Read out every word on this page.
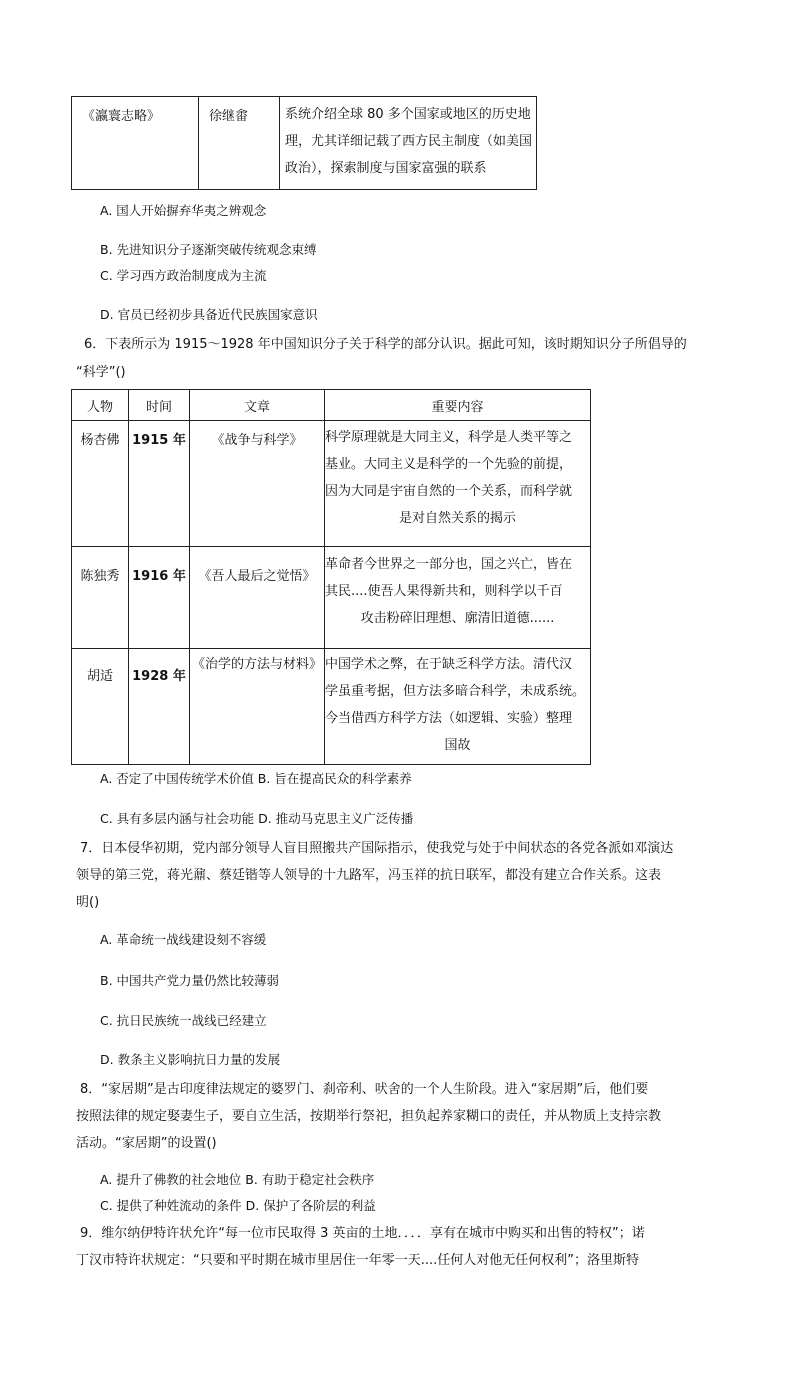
《瀛寰志略》	徐继畬	系统介绍全球 80 多个国家或地区的历史地
理，尤其详细记载了西方民主制度（如美国
政治），探索制度与国家富强的联系
A. 国人开始摒弃华夷之辨观念
B. 先进知识分子逐渐突破传统观念束缚
C. 学习西方政治制度成为主流
D. 官员已经初步具备近代民族国家意识
6．下表所示为 1915～1928 年中国知识分子关于科学的部分认识。据此可知，该时期知识分子所倡导的
“科学”()
人物	时间	文章	重要内容
杨杏佛	1915 年	《战争与科学》	科学原理就是大同主义，科学是人类平等之
基业。大同主义是科学的一个先验的前提，
因为大同是宇宙自然的一个关系，而科学就
是对自然关系的揭示

陈独秀	1916 年	《吾人最后之觉悟》	革命者今世界之一部分也，国之兴亡，皆在
其民....使吾人果得新共和，则科学以千百
攻击粉碎旧理想、廓清旧道德......

胡适	1928 年	《治学的方法与材料》	中国学术之弊，在于缺乏科学方法。清代汉
学虽重考据，但方法多暗合科学，未成系统。
今当借西方科学方法（如逻辑、实验）整理
国故
A. 否定了中国传统学术价值 B. 旨在提高民众的科学素养
C. 具有多层内涵与社会功能 D. 推动马克思主义广泛传播
7．日本侵华初期，党内部分领导人盲目照搬共产国际指示，使我党与处于中间状态的各党各派如邓演达
领导的第三党，蒋光鼐、蔡廷锴等人领导的十九路军，冯玉祥的抗日联军，都没有建立合作关系。这表
明()
A. 革命统一战线建设刻不容缓
B. 中国共产党力量仍然比较薄弱
C. 抗日民族统一战线已经建立
D. 教条主义影响抗日力量的发展
8．“家居期”是古印度律法规定的婆罗门、刹帝利、吠舍的一个人生阶段。进入“家居期”后，他们要
按照法律的规定娶妻生子，要自立生活，按期举行祭祀，担负起养家糊口的责任，并从物质上支持宗教
活动。“家居期”的设置()
A. 提升了佛教的社会地位 B. 有助于稳定社会秩序
C. 提供了种姓流动的条件 D. 保护了各阶层的利益
9．维尔纳伊特许状允许“每一位市民取得 3 英亩的土地．．．．享有在城市中购买和出售的特权”；诺
丁汉市特许状规定：“只要和平时期在城市里居住一年零一天....任何人对他无任何权利”；洛里斯特
